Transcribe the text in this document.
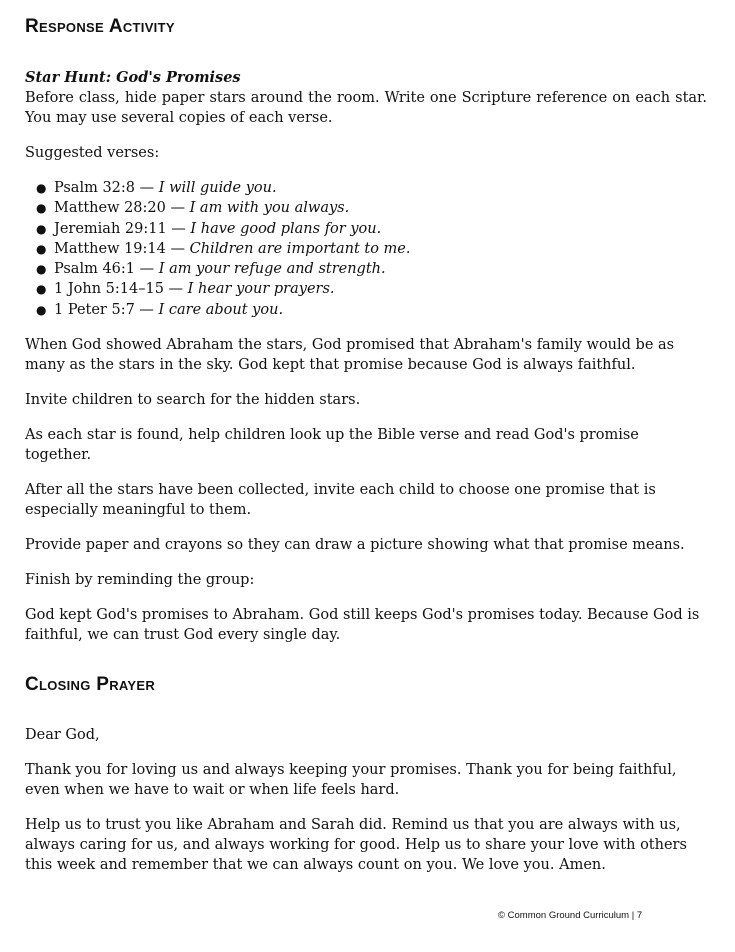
Response Activity

Star Hunt: God's Promises

Before class, hide paper stars around the room. Write one Scripture reference on each star. You may use several copies of each verse.

Suggested verses:

● Psalm 32:8 — I will guide you.
● Matthew 28:20 — I am with you always.
● Jeremiah 29:11 — I have good plans for you.
● Matthew 19:14 — Children are important to me.
● Psalm 46:1 — I am your refuge and strength.
● 1 John 5:14–15 — I hear your prayers.
● 1 Peter 5:7 — I care about you.

When God showed Abraham the stars, God promised that Abraham's family would be as many as the stars in the sky. God kept that promise because God is always faithful.

Invite children to search for the hidden stars.

As each star is found, help children look up the Bible verse and read God's promise together.

After all the stars have been collected, invite each child to choose one promise that is especially meaningful to them.

Provide paper and crayons so they can draw a picture showing what that promise means.

Finish by reminding the group:

God kept God's promises to Abraham. God still keeps God's promises today. Because God is faithful, we can trust God every single day.

Closing Prayer

Dear God,

Thank you for loving us and always keeping your promises. Thank you for being faithful, even when we have to wait or when life feels hard.

Help us to trust you like Abraham and Sarah did. Remind us that you are always with us, always caring for us, and always working for good. Help us to share your love with others this week and remember that we can always count on you. We love you. Amen.

© Common Ground Curriculum | 7
